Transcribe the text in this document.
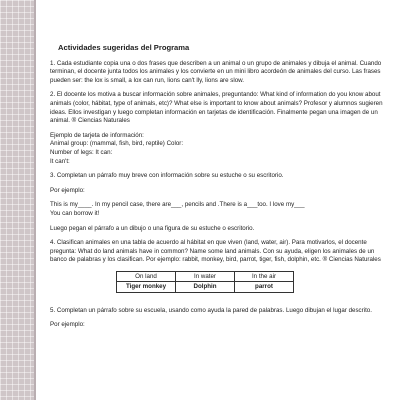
Actividades sugeridas del Programa

1. Cada estudiante copia una o dos frases que describen a un animal o un grupo de animales y dibuja el animal. Cuando terminan, el docente junta todos los animales y los convierte en un mini libro acordeón de animales del curso. Las frases pueden ser: the lox is small, a lox can run, lions can't lly, lions are slow.

2. El docente los motiva a buscar información sobre animales, preguntando: What kind of information do you know about animals (color, hábitat, type of animals, etc)? What else is important to know about animals? Profesor y alumnos sugieren ideas. Ellos investigan y luego completan información en tarjetas de identificación. Finalmente pegan una imagen de un animal. ® Ciencias Naturales

Ejemplo de tarjeta de información:
Animal group: (mammal, fish, bird, reptile) Color:
Number of legs: It can:
It can't:

3. Completan un párrafo muy breve con información sobre su estuche o su escritorio.

Por ejemplo:

This is my____. In my pencil case, there are___, pencils and .There is a___too. I love my___
You can borrow it!

Luego pegan el párrafo a un dibujo o una figura de su estuche o escritorio.

4. Clasifican animales en una tabla de acuerdo al hábitat en que viven (land, water, air). Para motivarlos, el docente pregunta: What do land animals have in common? Name some land animals. Con su ayuda, eligen los animales de un banco de palabras y los clasifican. Por ejemplo: rabbit, monkey, bird, parrot, tiger, fish, dolphin, etc. ® Ciencias Naturales

On land	In water	In the air
Tiger monkey	Dolphin	parrot

5. Completan un párrafo sobre su escuela, usando como ayuda la pared de palabras. Luego dibujan el lugar descrito.

Por ejemplo:
